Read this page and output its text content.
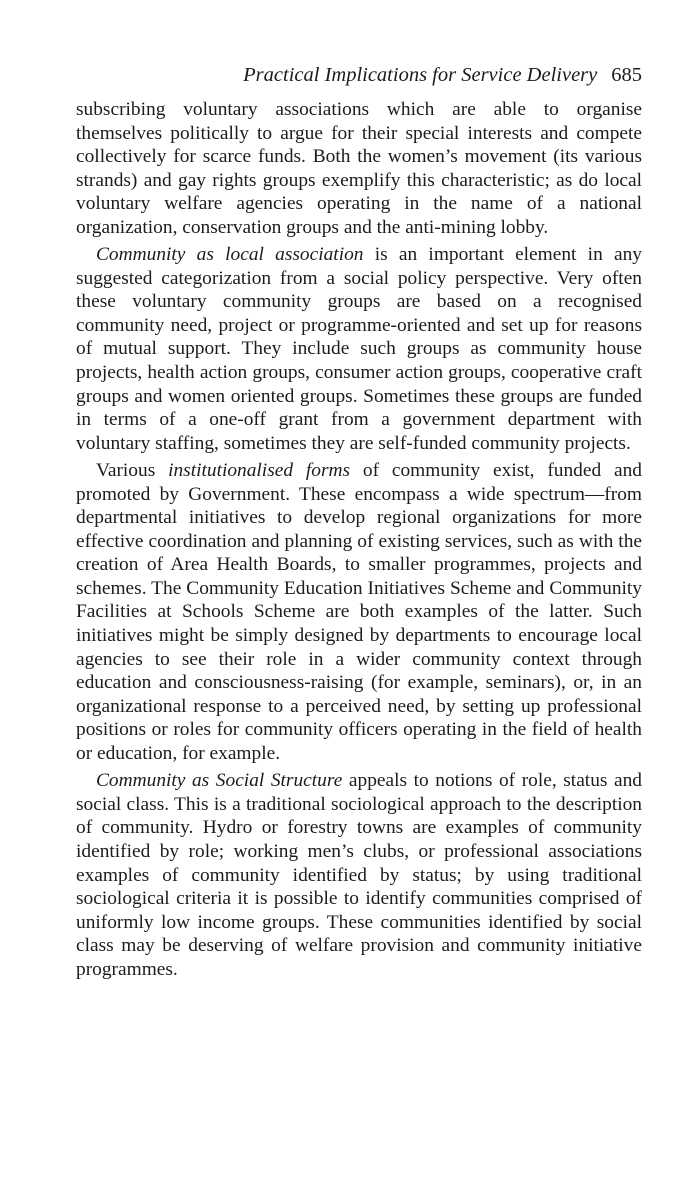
Practical Implications for Service Delivery 685

subscribing voluntary associations which are able to organise themselves politically to argue for their special interests and compete collectively for scarce funds. Both the women’s movement (its various strands) and gay rights groups exemplify this characteristic; as do local voluntary welfare agencies operating in the name of a national organization, conservation groups and the anti-mining lobby.

Community as local association is an important element in any suggested categorization from a social policy perspective. Very often these voluntary community groups are based on a recognised community need, project or programme-oriented and set up for reasons of mutual support. They include such groups as community house projects, health action groups, consumer action groups, cooperative craft groups and women oriented groups. Sometimes these groups are funded in terms of a one-off grant from a government department with voluntary staffing, sometimes they are self-funded community projects.

Various institutionalised forms of community exist, funded and promoted by Government. These encompass a wide spectrum—from departmental initiatives to develop regional organizations for more effective coordination and planning of existing services, such as with the creation of Area Health Boards, to smaller programmes, projects and schemes. The Community Education Initiatives Scheme and Community Facilities at Schools Scheme are both examples of the latter. Such initiatives might be simply designed by departments to encourage local agencies to see their role in a wider community context through education and consciousness-raising (for example, seminars), or, in an organizational response to a perceived need, by setting up professional positions or roles for community officers operating in the field of health or education, for example.

Community as Social Structure appeals to notions of role, status and social class. This is a traditional sociological approach to the description of community. Hydro or forestry towns are examples of community identified by role; working men’s clubs, or professional associations examples of community identified by status; by using traditional sociological criteria it is possible to identify communities comprised of uniformly low income groups. These communities identified by social class may be deserving of welfare provision and community initiative programmes.
